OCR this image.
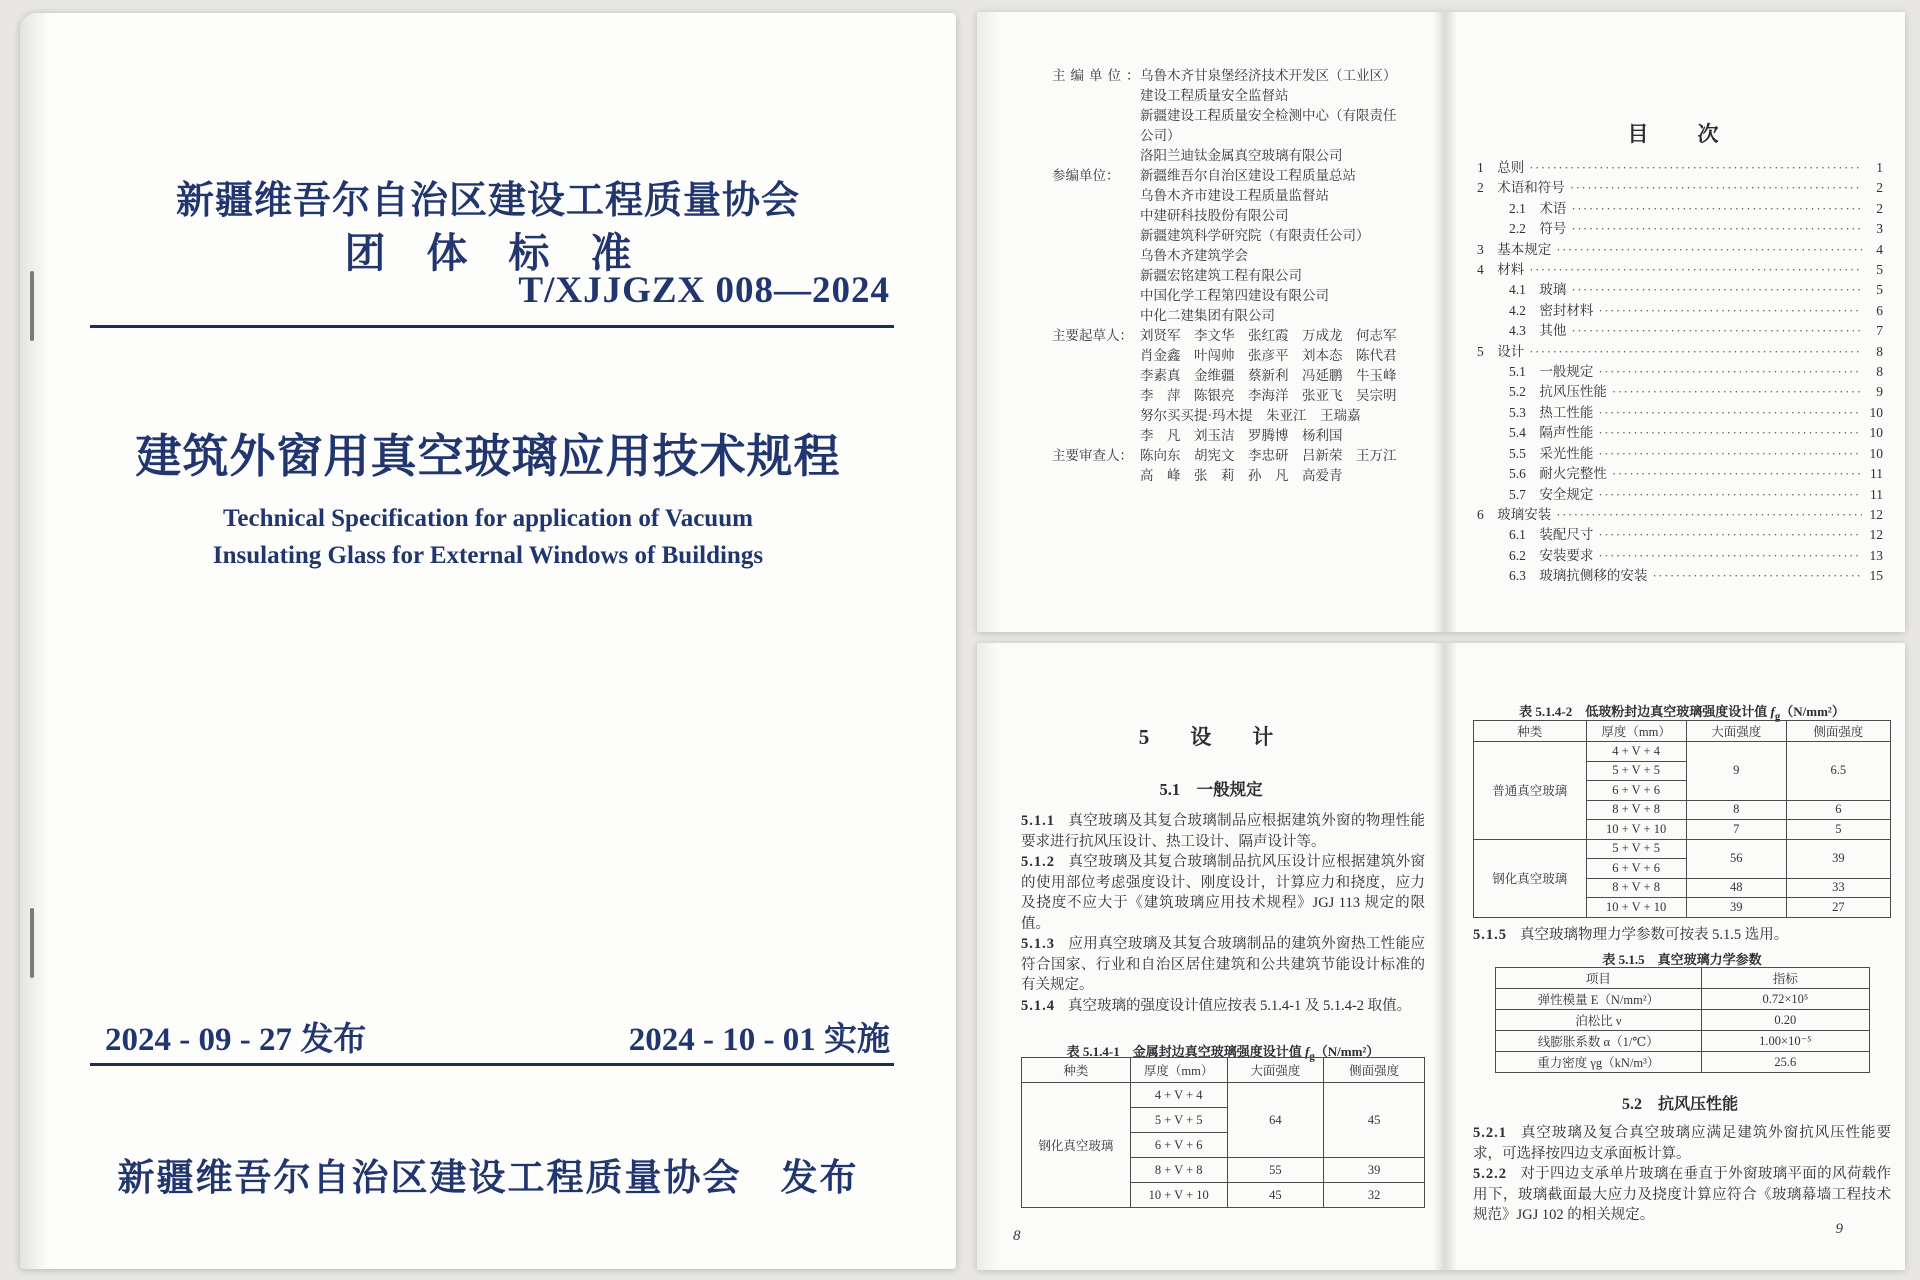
新疆维吾尔自治区建设工程质量协会
团　体　标　准
T/XJJGZX 008—2024
建筑外窗用真空玻璃应用技术规程
Technical Specification for application of Vacuum
Insulating Glass for External Windows of Buildings
2024 - 09 - 27 发布	2024 - 10 - 01 实施
新疆维吾尔自治区建设工程质量协会　发布
主编单位：
乌鲁木齐甘泉堡经济技术开发区（工业区）
建设工程质量安全监督站
新疆建设工程质量安全检测中心（有限责任
公司）
洛阳兰迪钛金属真空玻璃有限公司
参编单位：	新疆维吾尔自治区建设工程质量总站
乌鲁木齐市建设工程质量监督站
中建研科技股份有限公司
新疆建筑科学研究院（有限责任公司）
乌鲁木齐建筑学会
新疆宏铭建筑工程有限公司
中国化学工程第四建设有限公司
中化二建集团有限公司
主要起草人： 刘贤军　李文华　张红霞　万成龙　何志军
肖金鑫　叶闯帅　张彦平　刘本态　陈代君
李素真　金维疆　蔡新利　冯延鹏　牛玉峰
李　萍　陈银亮　李海洋　张亚飞　吴宗明
努尔买买提·玛木提　朱亚江　王瑞嘉
李　凡　刘玉洁　罗腾博　杨利国
主要审查人： 陈向东　胡宪文　李忠研　吕新荣　王万江
高　峰　张　莉　孙　凡　高爱青
目　次
1　总则 ·····	1
2　术语和符号 ·····	2
2.1　术语 ·····	2
2.2　符号 ·····	3
3　基本规定 ·····	4
4　材料 ·····	5
4.1　玻璃 ·····	5
4.2　密封材料 ·····	6
4.3　其他 ·····	7
5　设计 ·····	8
5.1　一般规定 ·····	8
5.2　抗风压性能 ·····	9
5.3　热工性能 ·····	10
5.4　隔声性能 ·····	10
5.5　采光性能 ·····	10
5.6　耐火完整性 ·····	11
5.7　安全规定 ·····	11
6　玻璃安装 ·····	12
6.1　装配尺寸 ·····	12
6.2　安装要求 ·····	13
6.3　玻璃抗侧移的安装 ·····	15
5　设　计
5.1　一般规定

5.1.1 真空玻璃及其复合玻璃制品应根据建筑外窗的物理性能要求进行抗风压设计、热工设计、隔声设计等。

5.1.2 真空玻璃及其复合玻璃制品抗风压设计应根据建筑外窗的使用部位考虑强度设计、刚度设计，计算应力和挠度，应力及挠度不应大于《建筑玻璃应用技术规程》JGJ 113 规定的限值。

5.1.3 应用真空玻璃及其复合玻璃制品的建筑外窗热工性能应符合国家、行业和自治区居住建筑和公共建筑节能设计标准的有关规定。

5.1.4 真空玻璃的强度设计值应按表 5.1.4-1 及 5.1.4-2 取值。

表 5.1.4-1　金属封边真空玻璃强度设计值 $f_g(N/mm^2)$
种类	厚度（mm）	大面强度	侧面强度
钢化真空玻璃	4 + V + 4	64	45
	5 + V + 5		
	6 + V + 6		
	8 + V + 8	55	39
	10 + V + 10	45	32
8
表 5.1.4-2　低玻粉封边真空玻璃强度设计值 $f_g(N/mm^2)$
种类	厚度（mm）	大面强度	侧面强度
普通真空玻璃	4 + V + 4	9	6.5
	5 + V + 5		
	6 + V + 6		
	8 + V + 8	8	6
	10 + V + 10	7	5
钢化真空玻璃	5 + V + 5	56	39
	6 + V + 6		
	8 + V + 8	48	33
	10 + V + 10	39	27

5.1.5 真空玻璃物理力学参数可按表 5.1.5 选用。

表 5.1.5　真空玻璃力学参数
项目	指标
弹性模量 E（N/mm²）	0.72×10⁵
泊松比 ν	0.20
线膨胀系数 α（1/℃）	1.00×10⁻⁵
重力密度 γg（kN/m³）	25.6
5.2　抗风压性能

5.2.1 真空玻璃及复合真空玻璃应满足建筑外窗抗风压性能要求，可选择按四边支承面板计算。

5.2.2 对于四边支承单片玻璃在垂直于外窗玻璃平面的风荷载作用下，玻璃截面最大应力及挠度计算应符合《玻璃幕墙工程技术规范》JGJ 102 的相关规定。

9
